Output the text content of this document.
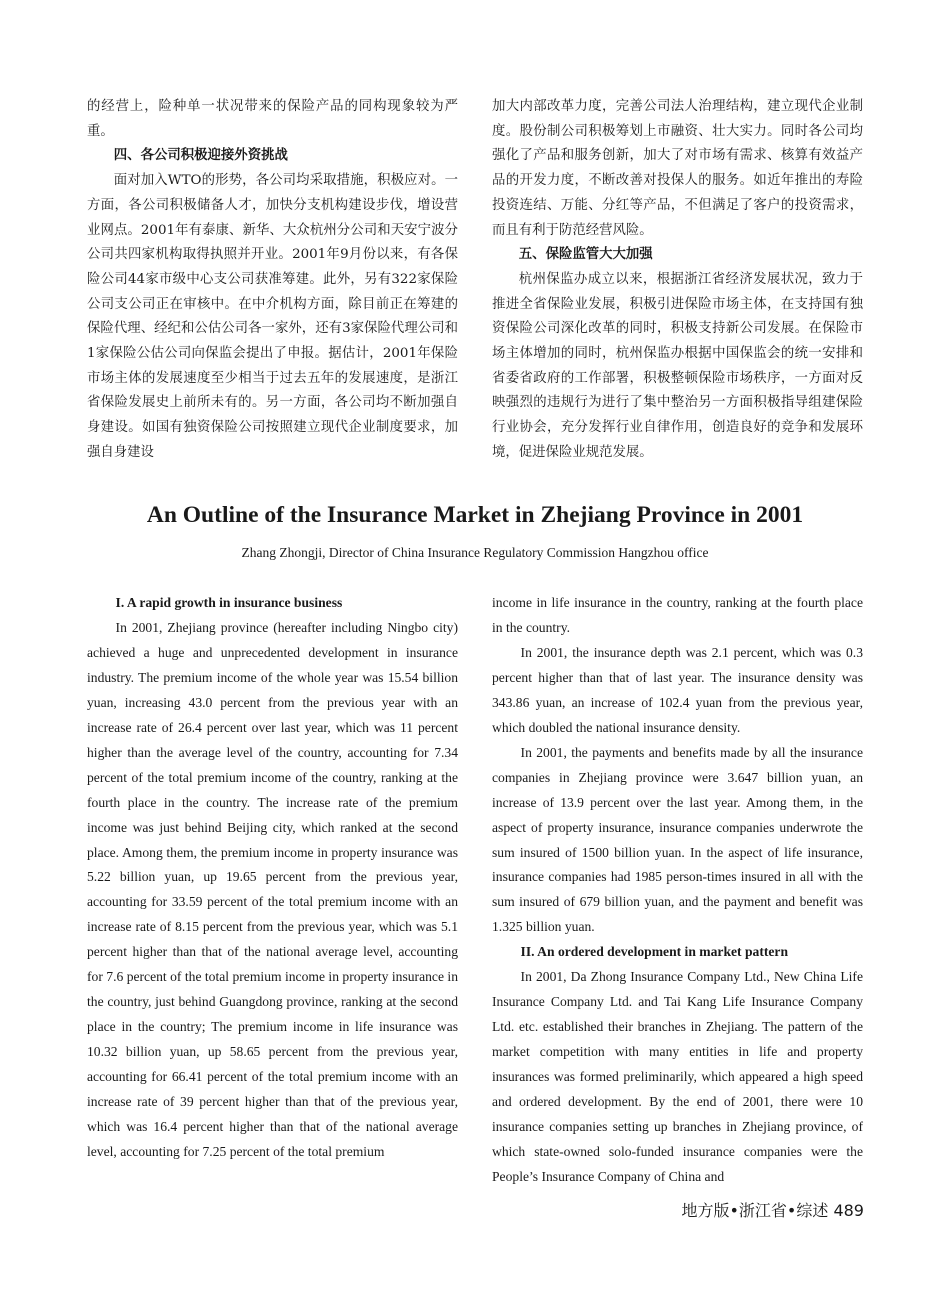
的经营上，险种单一状况带来的保险产品的同构现象较为严重。

四、各公司积极迎接外资挑战

面对加入WTO的形势，各公司均采取措施，积极应对。一方面，各公司积极储备人才，加快分支机构建设步伐，增设营业网点。2001年有泰康、新华、大众杭州分公司和天安宁波分公司共四家机构取得执照并开业。2001年9月份以来，有各保险公司44家市级中心支公司获准筹建。此外，另有322家保险公司支公司正在审核中。在中介机构方面，除目前正在筹建的保险代理、经纪和公估公司各一家外，还有3家保险代理公司和1家保险公估公司向保监会提出了申报。据估计，2001年保险市场主体的发展速度至少相当于过去五年的发展速度，是浙江省保险发展史上前所未有的。另一方面，各公司均不断加强自身建设。如国有独资保险公司按照建立现代企业制度要求，加强自身建设

加大内部改革力度，完善公司法人治理结构，建立现代企业制度。股份制公司积极筹划上市融资、壮大实力。同时各公司均强化了产品和服务创新，加大了对市场有需求、核算有效益产品的开发力度，不断改善对投保人的服务。如近年推出的寿险投资连结、万能、分红等产品，不但满足了客户的投资需求，而且有利于防范经营风险。

五、保险监管大大加强

杭州保监办成立以来，根据浙江省经济发展状况，致力于推进全省保险业发展，积极引进保险市场主体，在支持国有独资保险公司深化改革的同时，积极支持新公司发展。在保险市场主体增加的同时，杭州保监办根据中国保监会的统一安排和省委省政府的工作部署，积极整顿保险市场秩序，一方面对反映强烈的违规行为进行了集中整治另一方面积极指导组建保险行业协会，充分发挥行业自律作用，创造良好的竞争和发展环境，促进保险业规范发展。

An Outline of the Insurance Market in Zhejiang Province in 2001

Zhang Zhongji, Director of China Insurance Regulatory Commission Hangzhou office

I. A rapid growth in insurance business

In 2001, Zhejiang province (hereafter including Ningbo city) achieved a huge and unprecedented development in insurance industry. The premium income of the whole year was 15.54 billion yuan, increasing 43.0 percent from the previous year with an increase rate of 26.4 percent over last year, which was 11 percent higher than the average level of the country, accounting for 7.34 percent of the total premium income of the country, ranking at the fourth place in the country. The increase rate of the premium income was just behind Beijing city, which ranked at the second place. Among them, the premium income in property insurance was 5.22 billion yuan, up 19.65 percent from the previous year, accounting for 33.59 percent of the total premium income with an increase rate of 8.15 percent from the previous year, which was 5.1 percent higher than that of the national average level, accounting for 7.6 percent of the total premium income in property insurance in the country, just behind Guangdong province, ranking at the second place in the country; The premium income in life insurance was 10.32 billion yuan, up 58.65 percent from the previous year, accounting for 66.41 percent of the total premium income with an increase rate of 39 percent higher than that of the previous year, which was 16.4 percent higher than that of the national average level, accounting for 7.25 percent of the total premium

income in life insurance in the country, ranking at the fourth place in the country.

In 2001, the insurance depth was 2.1 percent, which was 0.3 percent higher than that of last year. The insurance density was 343.86 yuan, an increase of 102.4 yuan from the previous year, which doubled the national insurance density.

In 2001, the payments and benefits made by all the insurance companies in Zhejiang province were 3.647 billion yuan, an increase of 13.9 percent over the last year. Among them, in the aspect of property insurance, insurance companies underwrote the sum insured of 1500 billion yuan. In the aspect of life insurance, insurance companies had 1985 person-times insured in all with the sum insured of 679 billion yuan, and the payment and benefit was 1.325 billion yuan.

II. An ordered development in market pattern

In 2001, Da Zhong Insurance Company Ltd., New China Life Insurance Company Ltd. and Tai Kang Life Insurance Company Ltd. etc. established their branches in Zhejiang. The pattern of the market competition with many entities in life and property insurances was formed preliminarily, which appeared a high speed and ordered development. By the end of 2001, there were 10 insurance companies setting up branches in Zhejiang province, of which state-owned solo-funded insurance companies were the People’s Insurance Company of China and

地方版•浙江省•综述 489
